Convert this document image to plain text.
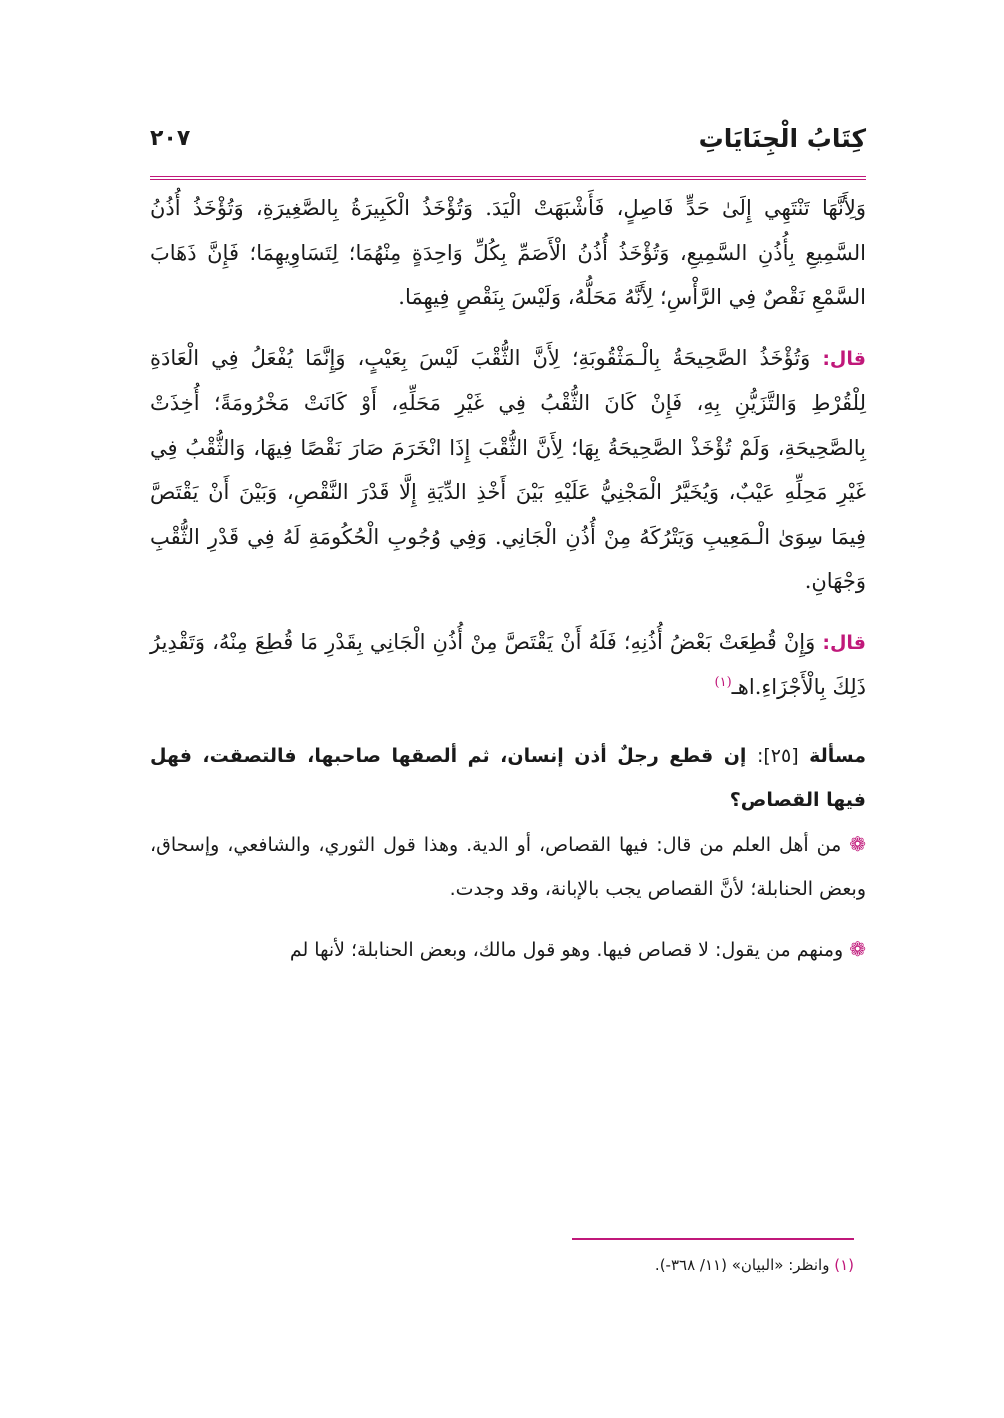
كِتَابُ الْجِنَايَاتِ
٢٠٧

وَلِأَنَّهَا تَنْتَهِي إِلَىٰ حَدٍّ فَاصِلٍ، فَأَشْبَهَتْ الْيَدَ. وَتُؤْخَذُ الْكَبِيرَةُ بِالصَّغِيرَةِ، وَتُؤْخَذُ أُذُنُ السَّمِيعِ بِأُذُنِ السَّمِيعِ، وَتُؤْخَذُ أُذُنُ الْأَصَمِّ بِكُلِّ وَاحِدَةٍ مِنْهُمَا؛ لِتَسَاوِيهِمَا؛ فَإِنَّ ذَهَابَ السَّمْعِ نَقْصٌ فِي الرَّأْسِ؛ لِأَنَّهُ مَحَلُّهُ، وَلَيْسَ بِنَقْصٍ فِيهِمَا.

قال: وَتُؤْخَذُ الصَّحِيحَةُ بِالْـمَثْقُوبَةِ؛ لِأَنَّ الثُّقْبَ لَيْسَ بِعَيْبٍ، وَإِنَّمَا يُفْعَلُ فِي الْعَادَةِ لِلْقُرْطِ وَالتَّزَيُّنِ بِهِ، فَإِنْ كَانَ الثُّقْبُ فِي غَيْرِ مَحَلِّهِ، أَوْ كَانَتْ مَخْرُومَةً؛ أُخِذَتْ بِالصَّحِيحَةِ، وَلَمْ تُؤْخَذْ الصَّحِيحَةُ بِهَا؛ لِأَنَّ الثُّقْبَ إِذَا انْخَرَمَ صَارَ نَقْصًا فِيهَا، وَالثُّقْبُ فِي غَيْرِ مَحِلِّهِ عَيْبٌ، وَيُخَيَّرُ الْمَجْنِيُّ عَلَيْهِ بَيْنَ أَخْذِ الدِّيَةِ إِلَّا قَدْرَ النَّقْصِ، وَبَيْنَ أَنْ يَقْتَصَّ فِيمَا سِوَىٰ الْـمَعِيبِ وَيَتْرُكَهُ مِنْ أُذُنِ الْجَانِي. وَفِي وُجُوبِ الْحُكُومَةِ لَهُ فِي قَدْرِ الثُّقْبِ وَجْهَانِ.

قال: وَإِنْ قُطِعَتْ بَعْضُ أُذُنِهِ؛ فَلَهُ أَنْ يَقْتَصَّ مِنْ أُذُنِ الْجَانِي بِقَدْرِ مَا قُطِعَ مِنْهُ، وَتَقْدِيرُ ذَلِكَ بِالْأَجْزَاءِ.اهـ$^{(١)}$

مسألة [٢٥]: إن قطع رجلٌ أذن إنسان، ثم ألصقها صاحبها، فالتصقت، فهل فيها القصاص؟

❁ من أهل العلم من قال: فيها القصاص، أو الدية. وهذا قول الثوري، والشافعي، وإسحاق، وبعض الحنابلة؛ لأنَّ القصاص يجب بالإبانة، وقد وجدت.

❁ ومنهم من يقول: لا قصاص فيها. وهو قول مالك، وبعض الحنابلة؛ لأنها لم

(١) وانظر: «البيان» (١١/ ٣٦٨-).
